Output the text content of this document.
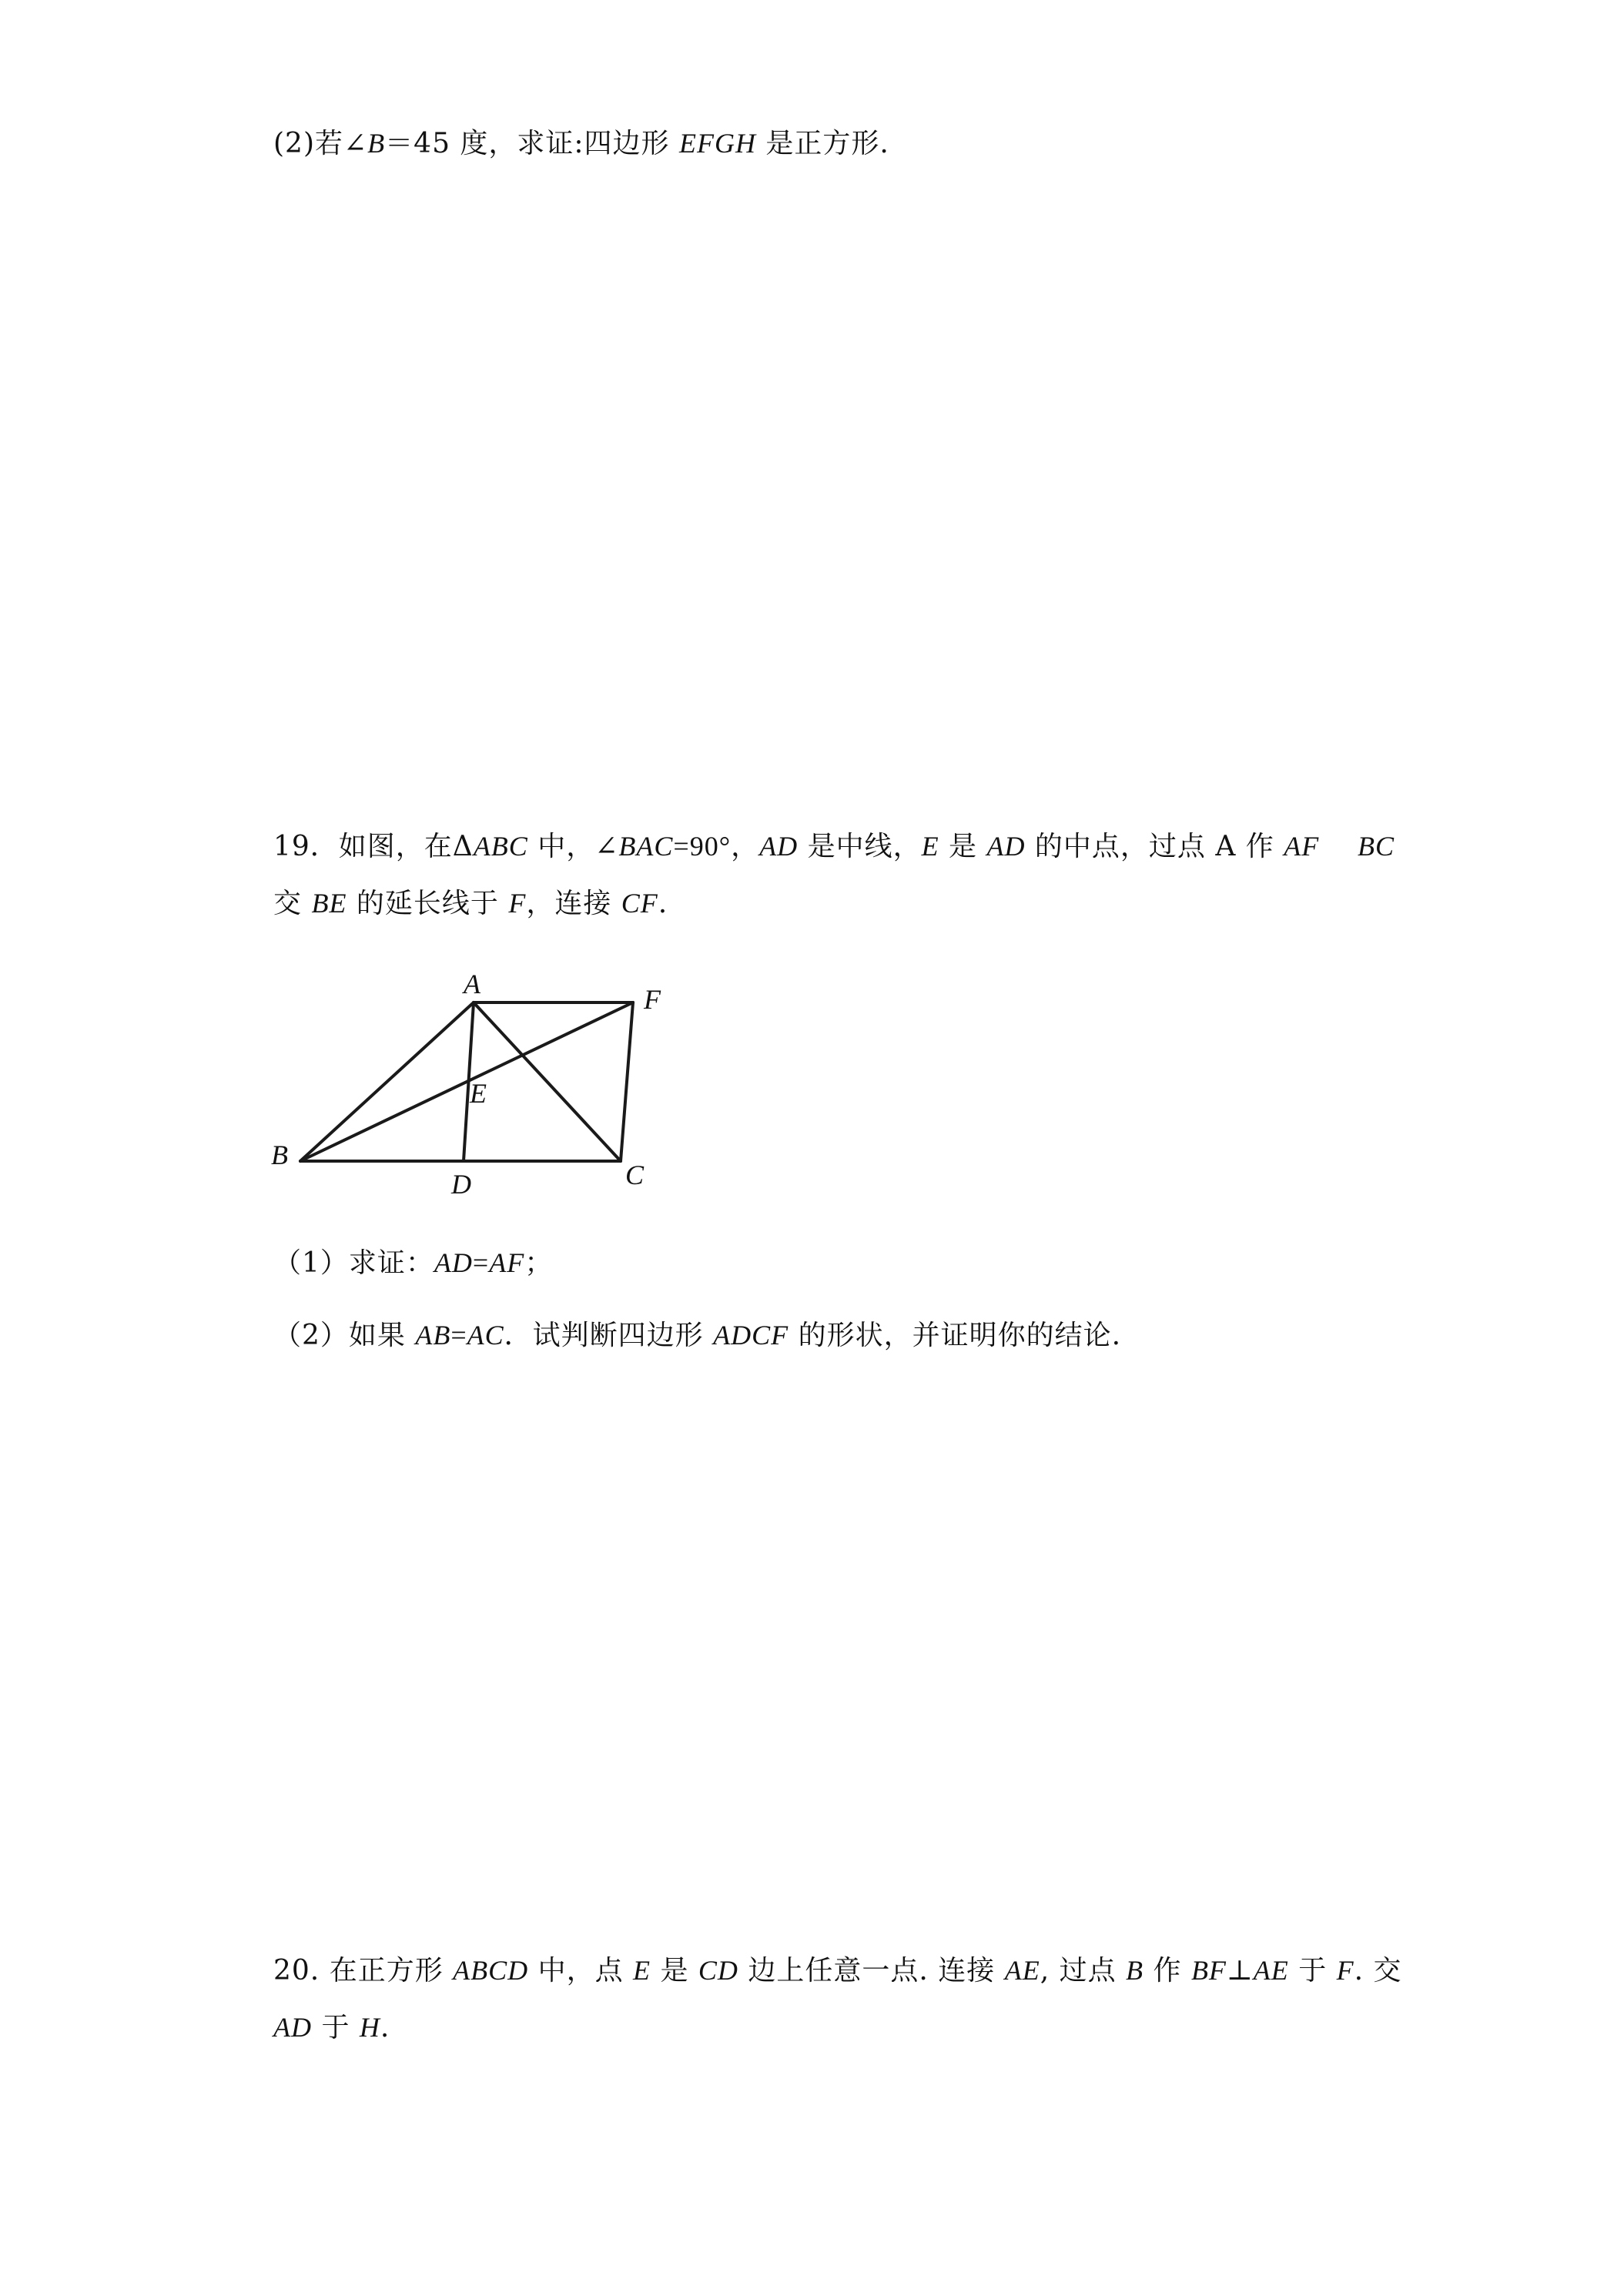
(2)若∠B＝45 度，求证:四边形 EFGH 是正方形.
19．如图，在ΔABC 中，∠BAC=90°，AD 是中线，E 是 AD 的中点，过点 A 作 AF BC
交 BE 的延长线于 F，连接 CF.
A	F
E
B
D	C
（1）求证：AD=AF；
（2）如果 AB=AC．试判断四边形 ADCF 的形状，并证明你的结论.
20. 在正方形 ABCD 中，点 E 是 CD 边上任意一点. 连接 AE, 过点 B 作 BF⊥AE 于 F. 交
AD 于 H.
